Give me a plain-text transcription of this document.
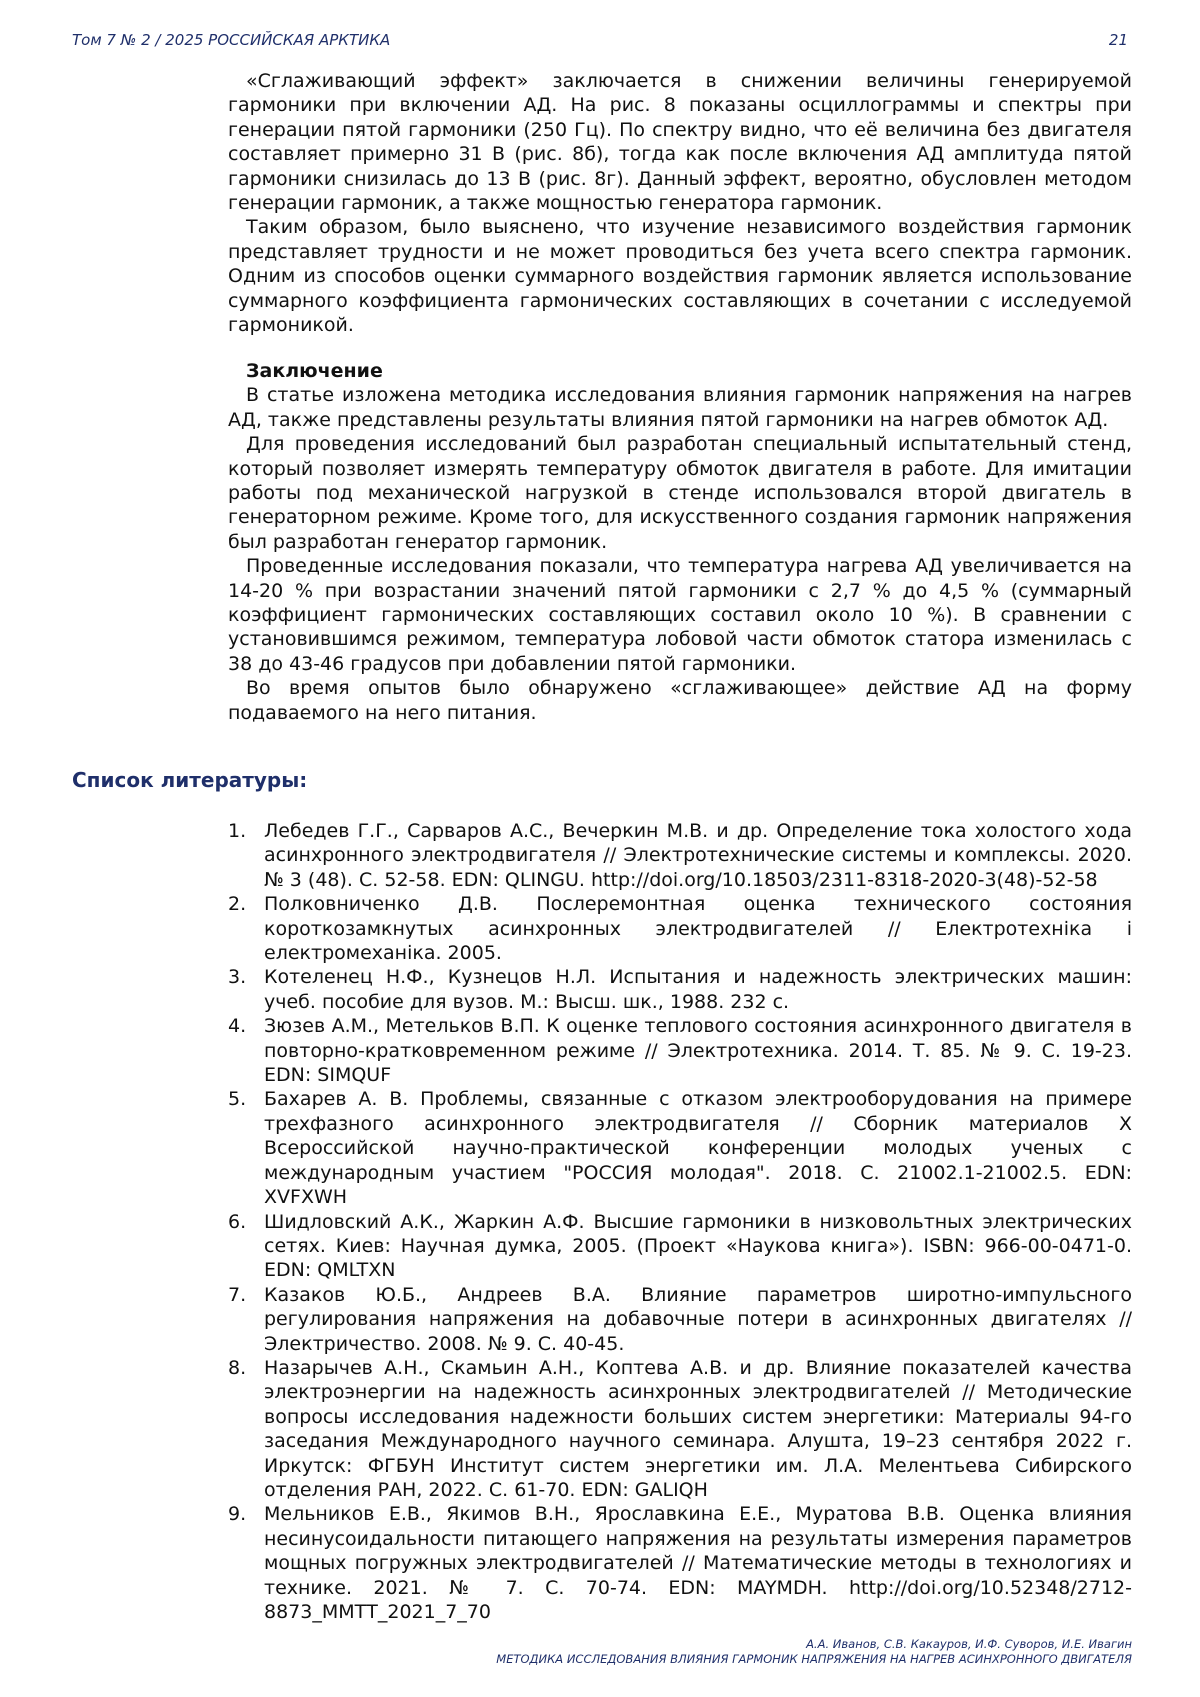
Том 7 № 2 / 2025 РОССИЙСКАЯ АРКТИКА	21

«Сглаживающий эффект» заключается в снижении величины генерируемой гармоники при включении АД. На рис. 8 показаны осциллограммы и спектры при генерации пятой гармоники (250 Гц). По спектру видно, что её величина без двигателя составляет примерно 31 В (рис. 8б), тогда как после включения АД амплитуда пятой гармоники снизилась до 13 В (рис. 8г). Данный эффект, вероятно, обусловлен методом генерации гармоник, а также мощностью генератора гармоник.

Таким образом, было выяснено, что изучение независимого воздействия гармоник представляет трудности и не может проводиться без учета всего спектра гармоник. Одним из способов оценки суммарного воздействия гармоник является использование суммарного коэффициента гармонических составляющих в сочетании с исследуемой гармоникой.

Заключение

В статье изложена методика исследования влияния гармоник напряжения на нагрев АД, также представлены результаты влияния пятой гармоники на нагрев обмоток АД.

Для проведения исследований был разработан специальный испытательный стенд, который позволяет измерять температуру обмоток двигателя в работе. Для имитации работы под механической нагрузкой в стенде использовался второй двигатель в генераторном режиме. Кроме того, для искусственного создания гармоник напряжения был разработан генератор гармоник.

Проведенные исследования показали, что температура нагрева АД увеличивается на 14-20 % при возрастании значений пятой гармоники с 2,7 % до 4,5 % (суммарный коэффициент гармонических составляющих составил около 10 %). В сравнении с установившимся режимом, температура лобовой части обмоток статора изменилась с 38 до 43-46 градусов при добавлении пятой гармоники.

Во время опытов было обнаружено «сглаживающее» действие АД на форму подаваемого на него питания.

Список литературы:
1. Лебедев Г.Г., Сарваров А.С., Вечеркин М.В. и др. Определение тока холостого хода асинхронного электродвигателя // Электротехнические системы и комплексы. 2020. № 3 (48). С. 52-58. EDN: QLINGU. http://doi.org/10.18503/2311-8318-2020-3(48)-52-58
2. Полковниченко Д.В. Послеремонтная оценка технического состояния короткозамкнутых асинхронных электродвигателей // Електротехніка і електромеханіка. 2005.
3. Котеленец Н.Ф., Кузнецов Н.Л. Испытания и надежность электрических машин: учеб. пособие для вузов. М.: Высш. шк., 1988. 232 с.
4. Зюзев А.М., Метельков В.П. К оценке теплового состояния асинхронного двигателя в повторно-кратковременном режиме // Электротехника. 2014. Т. 85. № 9. С. 19-23. EDN: SIMQUF
5. Бахарев А. В. Проблемы, связанные с отказом электрооборудования на примере трехфазного асинхронного электродвигателя // Сборник материалов X Всероссийской научно-практической конференции молодых ученых с международным участием "РОССИЯ молодая". 2018. С. 21002.1-21002.5. EDN: XVFXWH
6. Шидловский А.К., Жаркин А.Ф. Высшие гармоники в низковольтных электрических сетях. Киев: Научная думка, 2005. (Проект «Наукова книга»). ISBN: 966-00-0471-0. EDN: QMLTXN
7. Казаков Ю.Б., Андреев В.А. Влияние параметров широтно-импульсного регулирования напряжения на добавочные потери в асинхронных двигателях // Электричество. 2008. № 9. С. 40-45.
8. Назарычев А.Н., Скамьин А.Н., Коптева А.В. и др. Влияние показателей качества электроэнергии на надежность асинхронных электродвигателей // Методические вопросы исследования надежности больших систем энергетики: Материалы 94-го заседания Международного научного семинара. Алушта, 19–23 сентября 2022 г. Иркутск: ФГБУН Институт систем энергетики им. Л.А. Мелентьева Сибирского отделения РАН, 2022. С. 61-70. EDN: GALIQH
9. Мельников Е.В., Якимов В.Н., Ярославкина Е.Е., Муратова В.В. Оценка влияния несинусоидальности питающего напряжения на результаты измерения параметров мощных погружных электродвигателей // Математические методы в технологиях и технике. 2021. № 7. С. 70-74. EDN: MAYMDH. http://doi.org/10.52348/2712-8873_ММТТ_2021_7_70
А.А. Иванов, С.В. Какауров, И.Ф. Суворов, И.Е. Ивагин
МЕТОДИКА ИССЛЕДОВАНИЯ ВЛИЯНИЯ ГАРМОНИК НАПРЯЖЕНИЯ НА НАГРЕВ АСИНХРОННОГО ДВИГАТЕЛЯ
